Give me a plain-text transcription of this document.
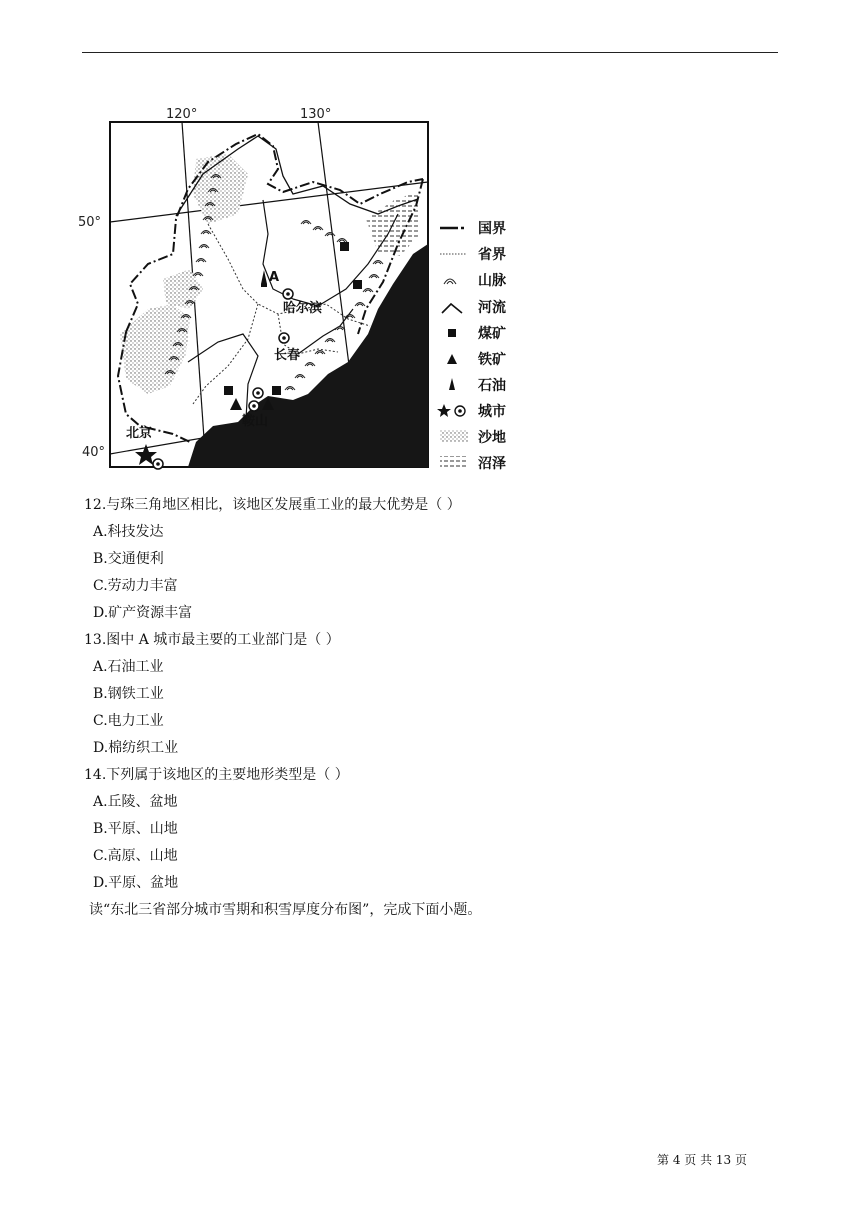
120°	130°
50°
40°
A
哈尔滨
长春
鞍山
北京
国界
省界
山脉
河流
煤矿
铁矿
石油
城市
沙地
沼泽
12.与珠三角地区相比，该地区发展重工业的最大优势是（ ）
A.科技发达
B.交通便利
C.劳动力丰富
D.矿产资源丰富
13.图中 A 城市最主要的工业部门是（ ）
A.石油工业
B.钢铁工业
C.电力工业
D.棉纺织工业
14.下列属于该地区的主要地形类型是（ ）
A.丘陵、盆地
B.平原、山地
C.高原、山地
D.平原、盆地
读“东北三省部分城市雪期和积雪厚度分布图”，完成下面小题。
第 4 页 共 13 页
